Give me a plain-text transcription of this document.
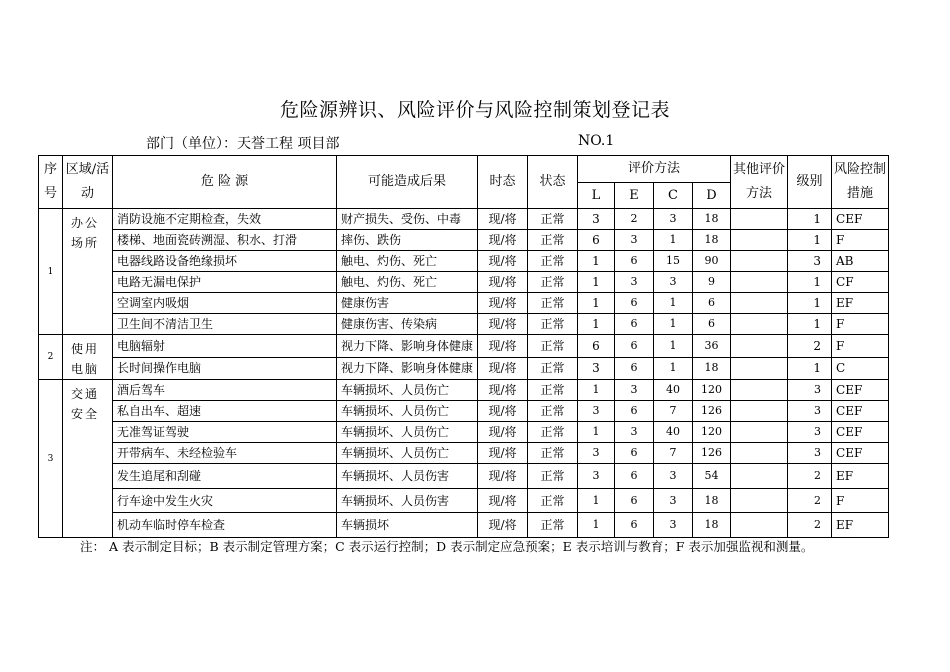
危险源辨识、风险评价与风险控制策划登记表
部门（单位）：天誉工程 项目部	NO.1
序号	区域/活动	危 险 源	可能造成后果	时态	状态	评价方法				其他评价方法	级别	风险控制措施
						L	E	C	D			
1	办公场所	消防设施不定期检查，失效	财产损失、受伤、中毒	现/将	正常	3	2	3	18		1	CEF
		楼梯、地面瓷砖溯湿、积水、打滑	摔伤、跌伤	现/将	正常	6	3	1	18		1	F
		电器线路设备绝缘损坏	触电、灼伤、死亡	现/将	正常	1	6	15	90		3	AB
		电路无漏电保护	触电、灼伤、死亡	现/将	正常	1	3	3	9		1	CF
		空调室内吸烟	健康伤害	现/将	正常	1	6	1	6		1	EF
		卫生间不清洁卫生	健康伤害、传染病	现/将	正常	1	6	1	6		1	F
2	使用电脑	电脑辐射	视力下降、影响身体健康	现/将	正常	6	6	1	36		2	F
		长时间操作电脑	视力下降、影响身体健康	现/将	正常	3	6	1	18		1	C
3	交通安全	酒后驾车	车辆损坏、人员伤亡	现/将	正常	1	3	40	120		3	CEF
		私自出车、超速	车辆损坏、人员伤亡	现/将	正常	3	6	7	126		3	CEF
		无准驾证驾驶	车辆损坏、人员伤亡	现/将	正常	1	3	40	120		3	CEF
		开带病车、未经检验车	车辆损坏、人员伤亡	现/将	正常	3	6	7	126		3	CEF
		发生追尾和刮碰	车辆损坏、人员伤害	现/将	正常	3	6	3	54		2	EF
		行车途中发生火灾	车辆损坏、人员伤害	现/将	正常	1	6	3	18		2	F
		机动车临时停车检查	车辆损坏	现/将	正常	1	6	3	18		2	EF
注： A 表示制定目标；B 表示制定管理方案；C 表示运行控制；D 表示制定应急预案；E 表示培训与教育；F 表示加强监视和测量。
